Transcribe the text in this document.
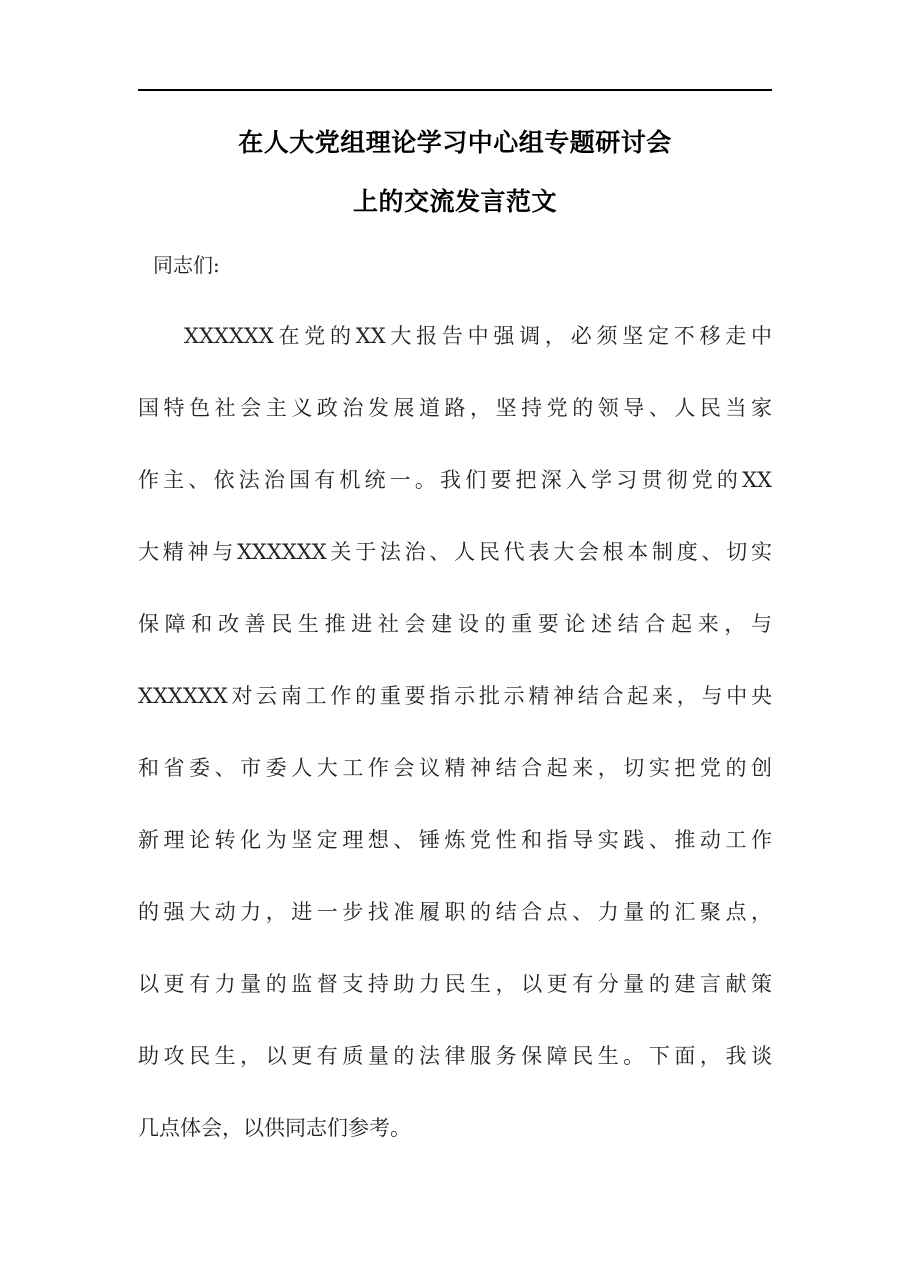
在人大党组理论学习中心组专题研讨会
上的交流发言范文
同志们:
XXXXXX在党的XX大报告中强调，必须坚定不移走中
国特色社会主义政治发展道路，坚持党的领导、人民当家
作主、依法治国有机统一。我们要把深入学习贯彻党的XX
大精神与XXXXXX关于法治、人民代表大会根本制度、切实
保障和改善民生推进社会建设的重要论述结合起来，与
XXXXXX对云南工作的重要指示批示精神结合起来，与中央
和省委、市委人大工作会议精神结合起来，切实把党的创
新理论转化为坚定理想、锤炼党性和指导实践、推动工作
的强大动力，进一步找准履职的结合点、力量的汇聚点，
以更有力量的监督支持助力民生，以更有分量的建言献策
助攻民生，以更有质量的法律服务保障民生。下面，我谈
几点体会，以供同志们参考。
